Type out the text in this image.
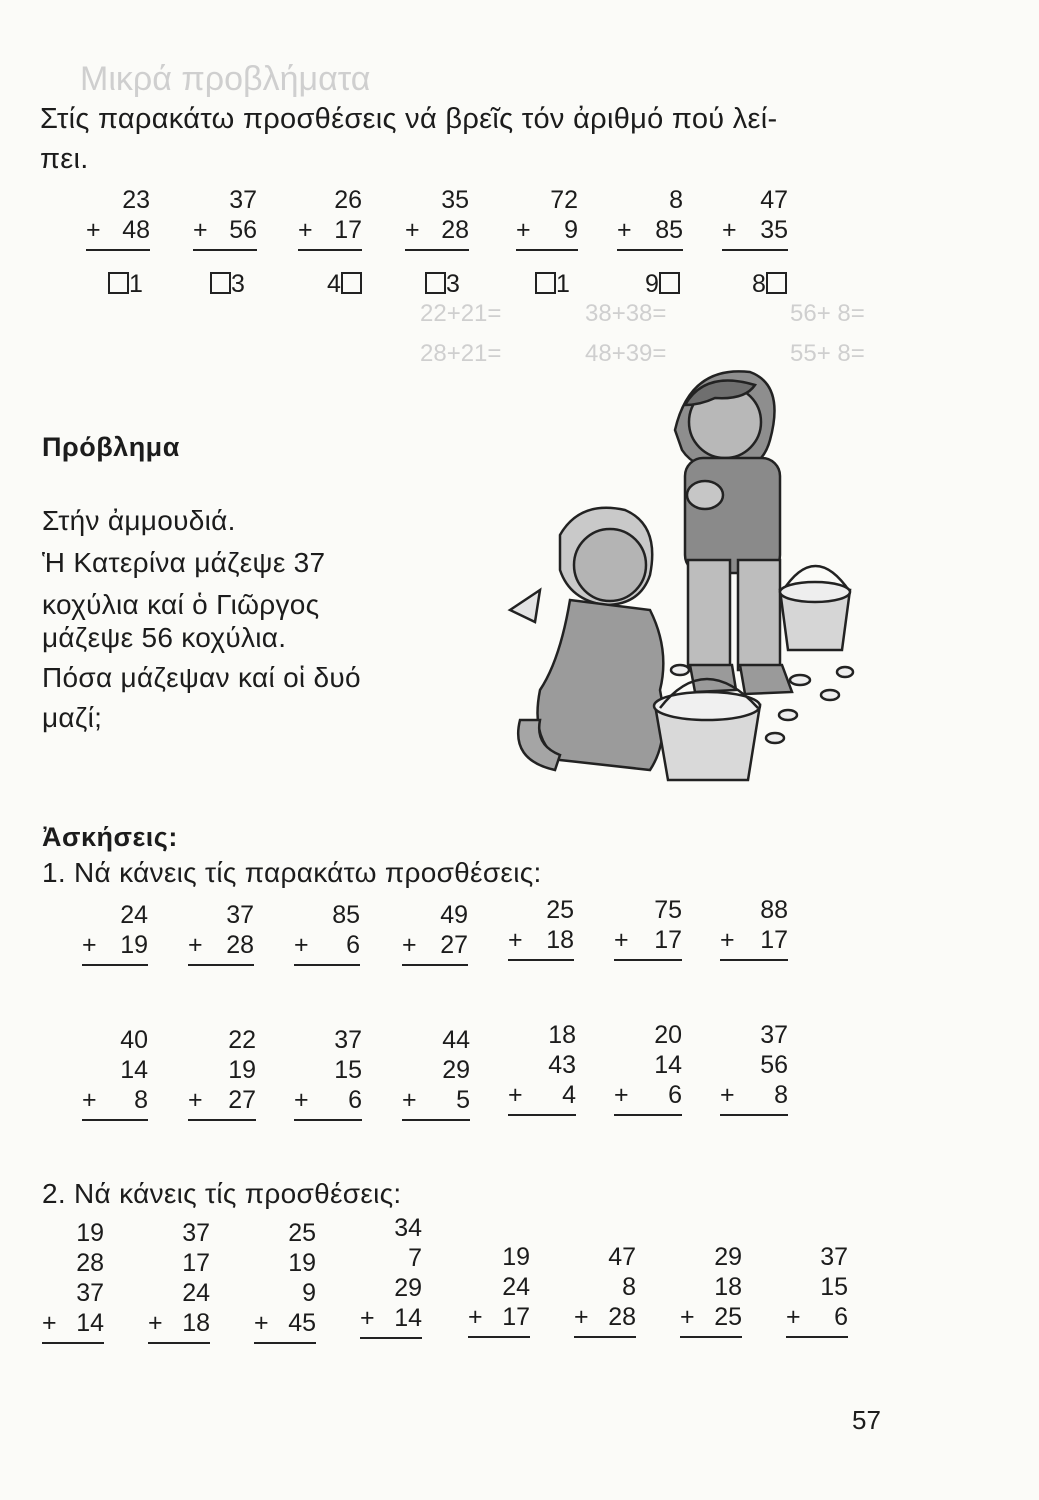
Μικρά προβλήματα
38+38=
22+21=
28+21=	48+39=
56+ 8=
55+ 8=
Στίς παρακάτω προσθέσεις νά βρεῖς τόν ἀριθμό πού λεί-
πει.
23
+ 48
1
37
+ 56
3
26
+ 17
4
35
+ 28
3
72
+ 9
1
8
+ 85
9
47
+ 35
8
Πρόβλημα
Στήν ἀμμουδιά.
Ἡ Κατερίνα μάζεψε 37
κοχύλια καί ὁ Γιῶργος
μάζεψε 56 κοχύλια.
Πόσα μάζεψαν καί οἱ δυό
μαζί;
Ἀσκήσεις:
1. Νά κάνεις τίς παρακάτω προσθέσεις:
24
+ 19
37
+ 28
85
+ 6
49
+ 27
25
+ 18
75
+ 17
88
+ 17
40
14
+ 8
22
19
+ 27
37
15
+ 6
44
29
+ 5
18
43
+ 4
20
14
+ 6
37
56
+ 8
2. Νά κάνεις τίς προσθέσεις:
19
28
37
+ 14
37
17
24
+ 18
25
19
9
+ 45
34
7
29
+ 14
19
24
+ 17
47
8
+ 28
29
18
+ 25
37
15
+ 6
57
